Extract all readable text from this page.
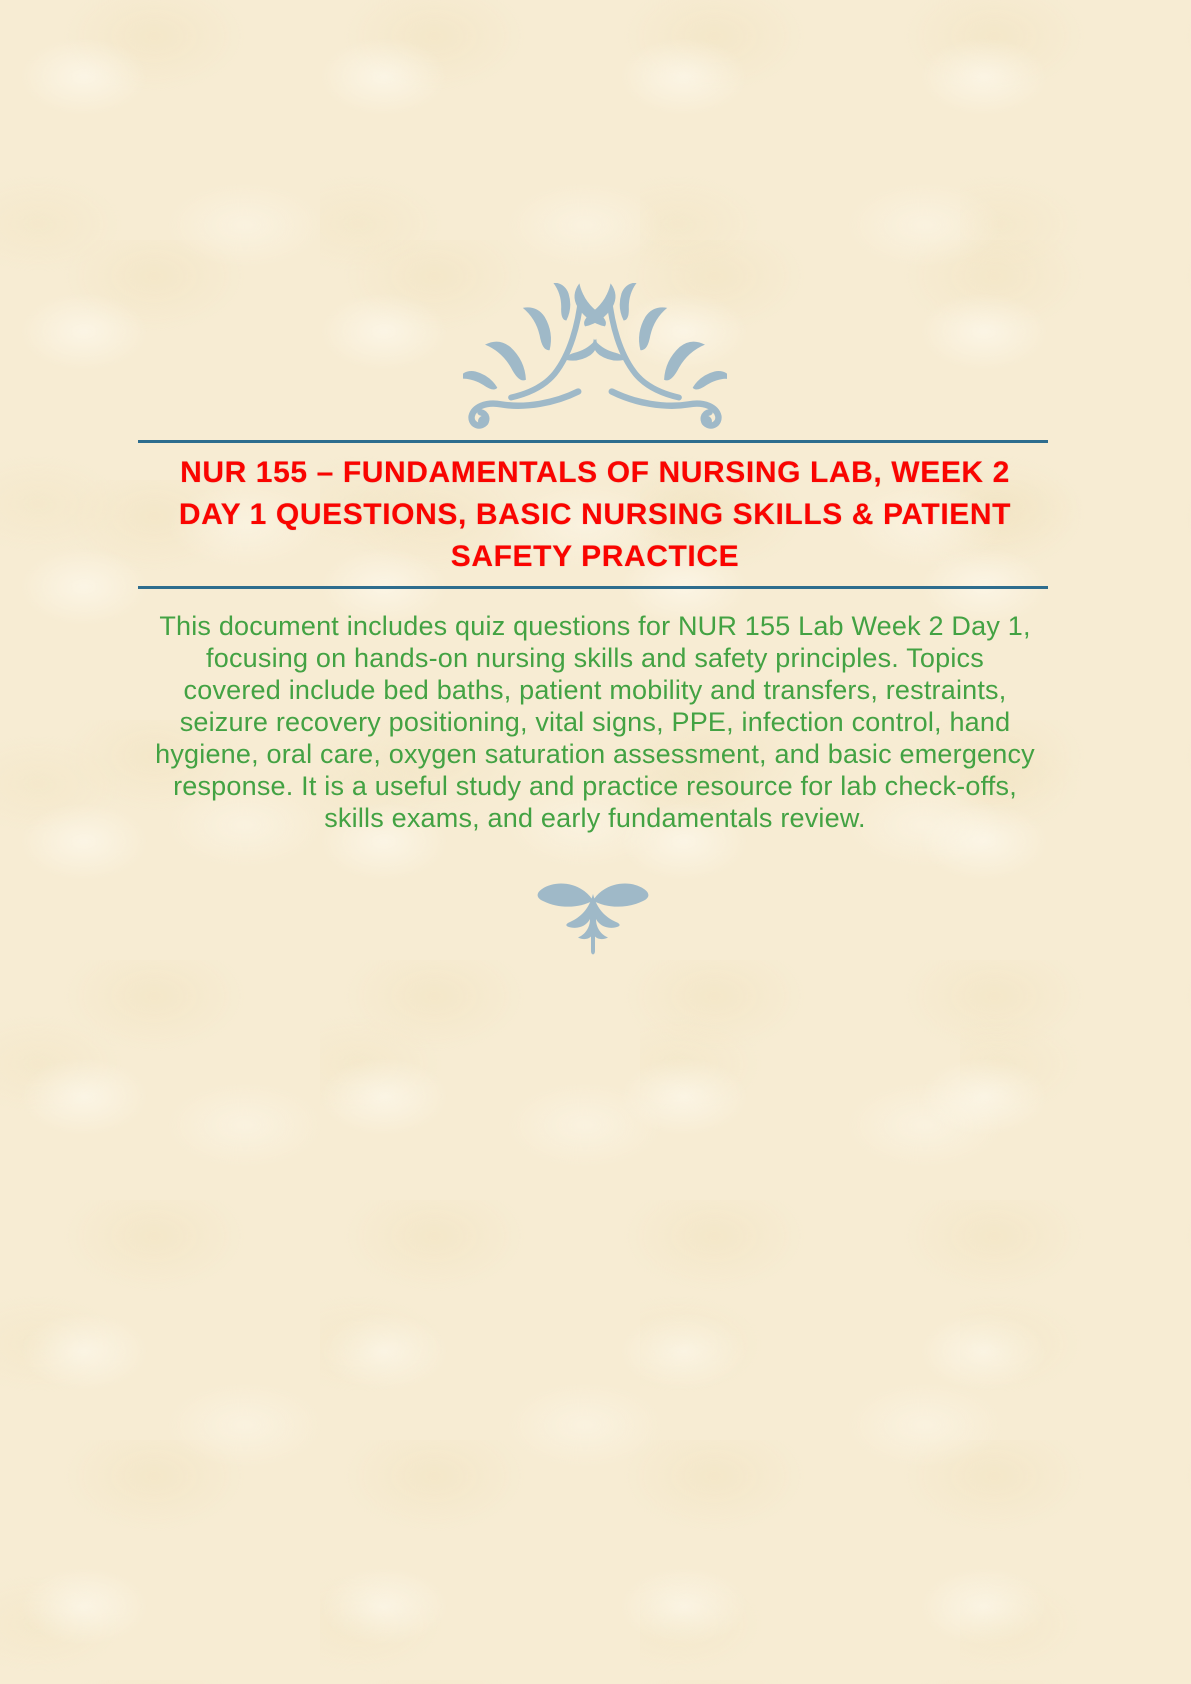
NUR 155 – FUNDAMENTALS OF NURSING LAB, WEEK 2
DAY 1 QUESTIONS, BASIC NURSING SKILLS & PATIENT
SAFETY PRACTICE
This document includes quiz questions for NUR 155 Lab Week 2 Day 1,
focusing on hands-on nursing skills and safety principles. Topics
covered include bed baths, patient mobility and transfers, restraints,
seizure recovery positioning, vital signs, PPE, infection control, hand
hygiene, oral care, oxygen saturation assessment, and basic emergency
response. It is a useful study and practice resource for lab check-offs,
skills exams, and early fundamentals review.
